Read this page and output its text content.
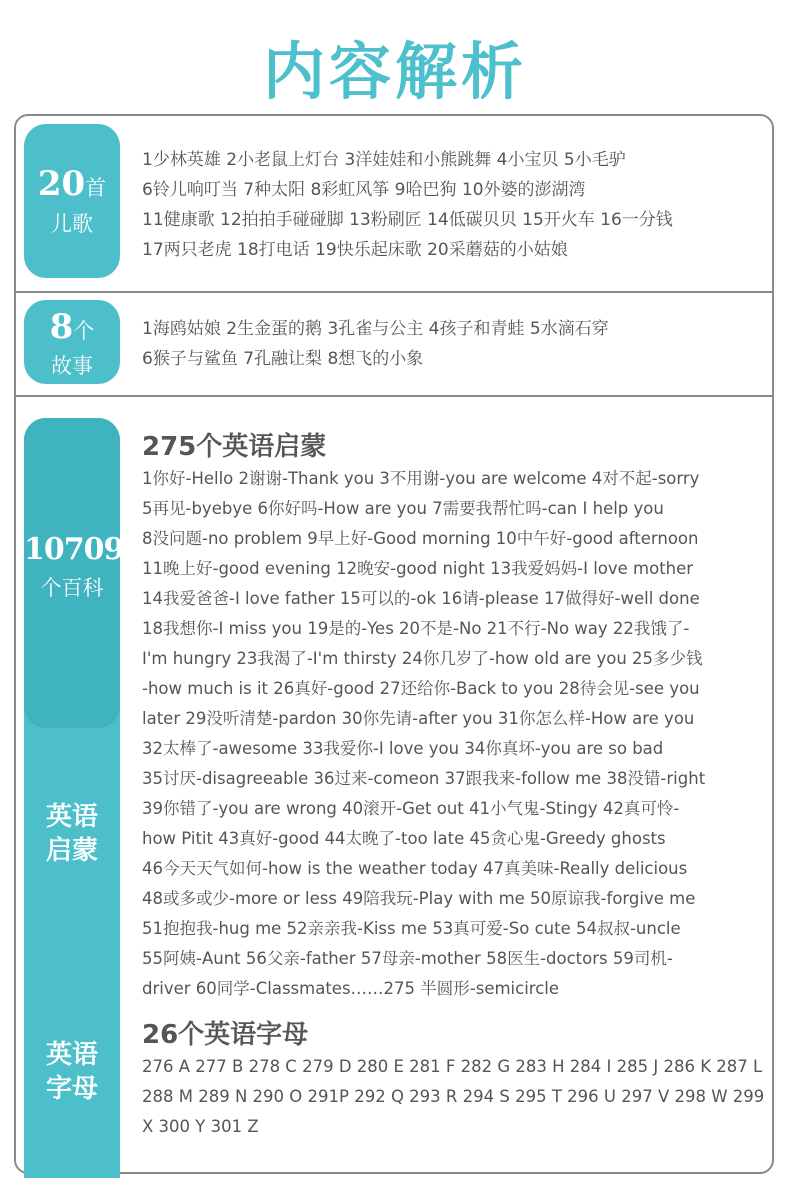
内容解析
20首
儿歌
1少林英雄 2小老鼠上灯台 3洋娃娃和小熊跳舞 4小宝贝 5小毛驴
6铃儿响叮当 7种太阳 8彩虹风筝 9哈巴狗 10外婆的澎湖湾
11健康歌 12拍拍手碰碰脚 13粉刷匠 14低碳贝贝 15开火车 16一分钱
17两只老虎 18打电话 19快乐起床歌 20采蘑菇的小姑娘
8个
故事
1海鸥姑娘 2生金蛋的鹅 3孔雀与公主 4孩子和青蛙 5水滴石穿
6猴子与鲨鱼 7孔融让梨 8想飞的小象
10709
个百科
英语
启蒙
英语
字母
275个英语启蒙
1你好-Hello 2谢谢-Thank you 3不用谢-you are welcome 4对不起-sorry
5再见-byebye 6你好吗-How are you 7需要我帮忙吗-can I help you
8没问题-no problem 9早上好-Good morning 10中午好-good afternoon
11晚上好-good evening 12晚安-good night 13我爱妈妈-I love mother
14我爱爸爸-I love father 15可以的-ok 16请-please 17做得好-well done
18我想你-I miss you 19是的-Yes 20不是-No 21不行-No way 22我饿了-
I'm hungry 23我渴了-I'm thirsty 24你几岁了-how old are you 25多少钱
-how much is it 26真好-good 27还给你-Back to you 28待会见-see you
later 29没听清楚-pardon 30你先请-after you 31你怎么样-How are you
32太棒了-awesome 33我爱你-I love you 34你真坏-you are so bad
35讨厌-disagreeable 36过来-comeon 37跟我来-follow me 38没错-right
39你错了-you are wrong 40滚开-Get out 41小气鬼-Stingy 42真可怜-
how Pitit 43真好-good 44太晚了-too late 45贪心鬼-Greedy ghosts
46今天天气如何-how is the weather today 47真美味-Really delicious
48或多或少-more or less 49陪我玩-Play with me 50原谅我-forgive me
51抱抱我-hug me 52亲亲我-Kiss me 53真可爱-So cute 54叔叔-uncle
55阿姨-Aunt 56父亲-father 57母亲-mother 58医生-doctors 59司机-
driver 60同学-Classmates……275 半圆形-semicircle
26个英语字母
276 A 277 B 278 C 279 D 280 E 281 F 282 G 283 H 284 I 285 J 286 K 287 L
288 M 289 N 290 O 291P 292 Q 293 R 294 S 295 T 296 U 297 V 298 W 299
X 300 Y 301 Z
